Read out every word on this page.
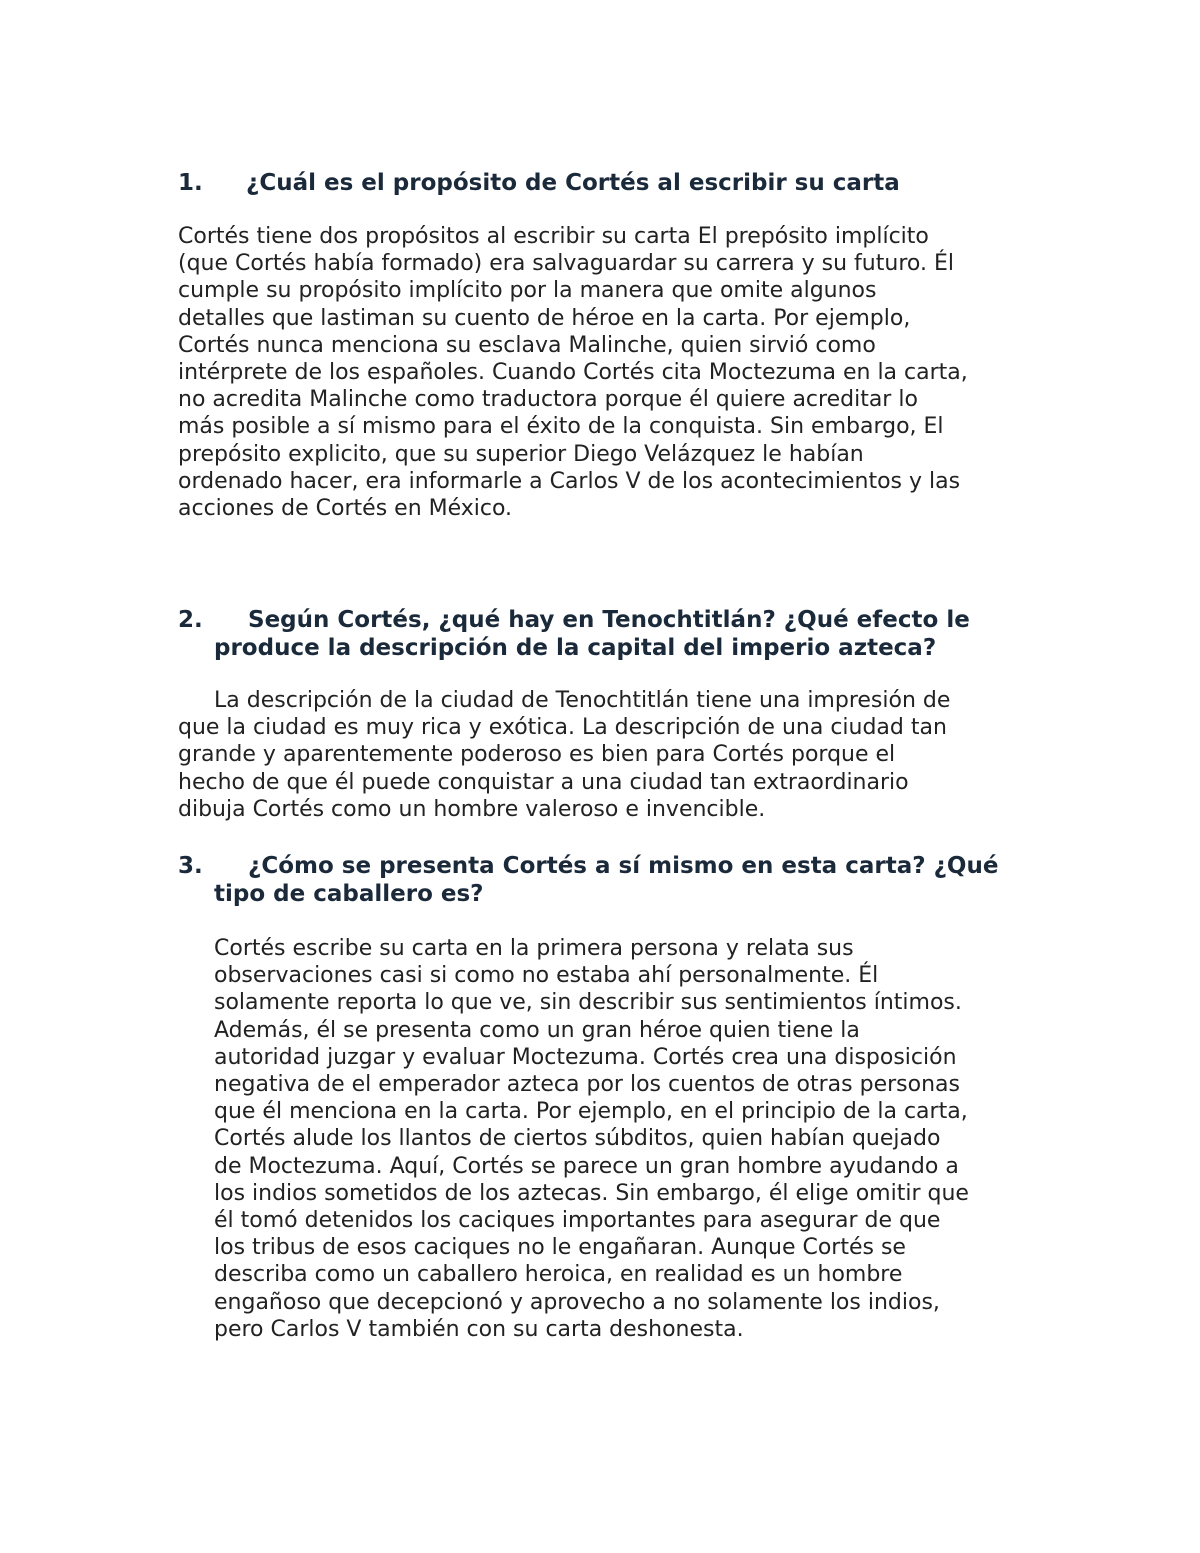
1.	¿Cuál es el propósito de Cortés al escribir su carta
Cortés tiene dos propósitos al escribir su carta El prepósito implícito
(que Cortés había formado) era salvaguardar su carrera y su futuro. Él
cumple su propósito implícito por la manera que omite algunos
detalles que lastiman su cuento de héroe en la carta. Por ejemplo,
Cortés nunca menciona su esclava Malinche, quien sirvió como
intérprete de los españoles. Cuando Cortés cita Moctezuma en la carta,
no acredita Malinche como traductora porque él quiere acreditar lo
más posible a sí mismo para el éxito de la conquista. Sin embargo, El
prepósito explicito, que su superior Diego Velázquez le habían
ordenado hacer, era informarle a Carlos V de los acontecimientos y las
acciones de Cortés en México.
2.	Según Cortés, ¿qué hay en Tenochtitlán? ¿Qué efecto le
produce la descripción de la capital del imperio azteca?
La descripción de la ciudad de Tenochtitlán tiene una impresión de
que la ciudad es muy rica y exótica. La descripción de una ciudad tan
grande y aparentemente poderoso es bien para Cortés porque el
hecho de que él puede conquistar a una ciudad tan extraordinario
dibuja Cortés como un hombre valeroso e invencible.
3.	¿Cómo se presenta Cortés a sí mismo en esta carta? ¿Qué
tipo de caballero es?
Cortés escribe su carta en la primera persona y relata sus
observaciones casi si como no estaba ahí personalmente. Él
solamente reporta lo que ve, sin describir sus sentimientos íntimos.
Además, él se presenta como un gran héroe quien tiene la
autoridad juzgar y evaluar Moctezuma. Cortés crea una disposición
negativa de el emperador azteca por los cuentos de otras personas
que él menciona en la carta. Por ejemplo, en el principio de la carta,
Cortés alude los llantos de ciertos súbditos, quien habían quejado
de Moctezuma. Aquí, Cortés se parece un gran hombre ayudando a
los indios sometidos de los aztecas. Sin embargo, él elige omitir que
él tomó detenidos los caciques importantes para asegurar de que
los tribus de esos caciques no le engañaran. Aunque Cortés se
describa como un caballero heroica, en realidad es un hombre
engañoso que decepcionó y aprovecho a no solamente los indios,
pero Carlos V también con su carta deshonesta.
